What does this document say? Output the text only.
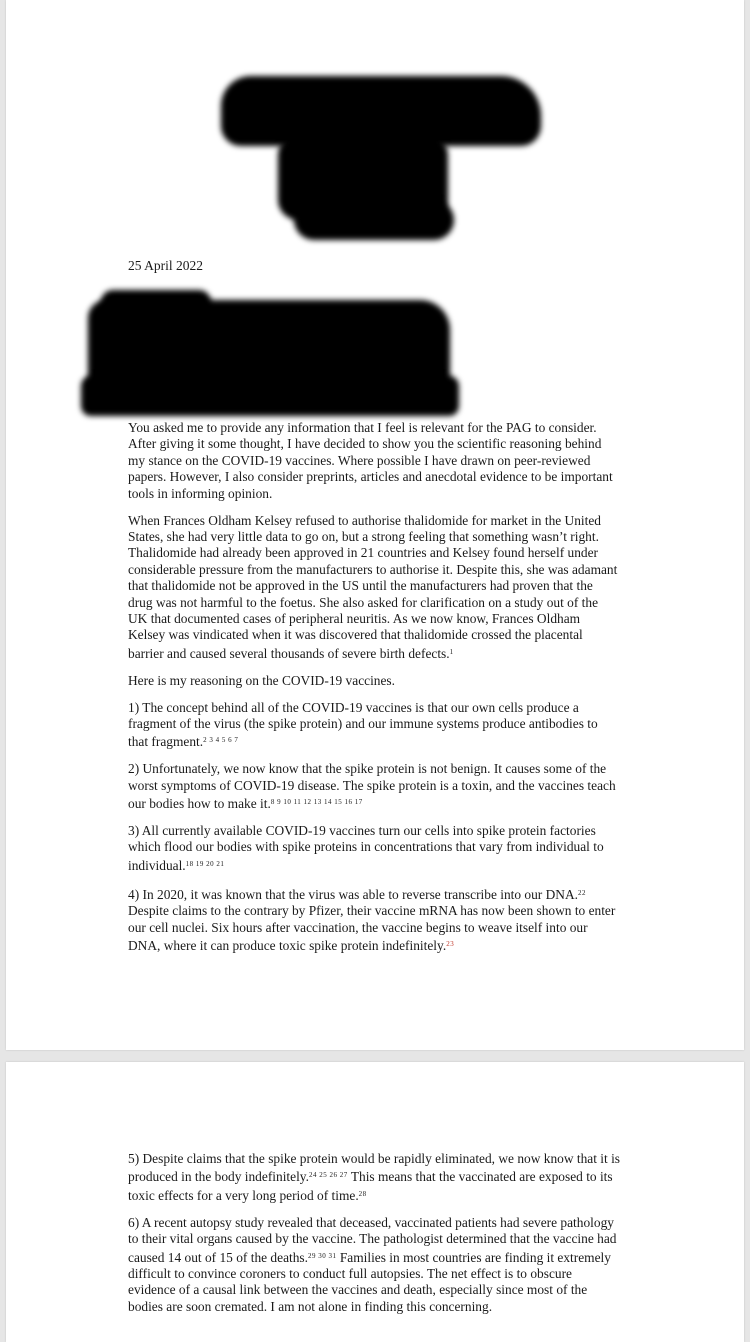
25 April 2022

You asked me to provide any information that I feel is relevant for the PAG to consider. After giving it some thought, I have decided to show you the scientific reasoning behind my stance on the COVID-19 vaccines. Where possible I have drawn on peer-reviewed papers. However, I also consider preprints, articles and anecdotal evidence to be important tools in informing opinion.

When Frances Oldham Kelsey refused to authorise thalidomide for market in the United States, she had very little data to go on, but a strong feeling that something wasn’t right. Thalidomide had already been approved in 21 countries and Kelsey found herself under considerable pressure from the manufacturers to authorise it. Despite this, she was adamant that thalidomide not be approved in the US until the manufacturers had proven that the drug was not harmful to the foetus. She also asked for clarification on a study out of the UK that documented cases of peripheral neuritis. As we now know, Frances Oldham Kelsey was vindicated when it was discovered that thalidomide crossed the placental barrier and caused several thousands of severe birth defects.$^1$

Here is my reasoning on the COVID-19 vaccines.

1) The concept behind all of the COVID-19 vaccines is that our own cells produce a fragment of the virus (the spike protein) and our immune systems produce antibodies to that fragment.$^{2 3 4 5 6 7}$

2) Unfortunately, we now know that the spike protein is not benign. It causes some of the worst symptoms of COVID-19 disease. The spike protein is a toxin, and the vaccines teach our bodies how to make it.$^{8 9 10 11 12 13 14 15 16 17}$

3) All currently available COVID-19 vaccines turn our cells into spike protein factories which flood our bodies with spike proteins in concentrations that vary from individual to individual.$^{18 19 20 21}$

4) In 2020, it was known that the virus was able to reverse transcribe into our DNA.$^{22}$ Despite claims to the contrary by Pfizer, their vaccine mRNA has now been shown to enter our cell nuclei. Six hours after vaccination, the vaccine begins to weave itself into our DNA, where it can produce toxic spike protein indefinitely.$^{23}$

5) Despite claims that the spike protein would be rapidly eliminated, we now know that it is produced in the body indefinitely.$^{24 25 26 27}$ This means that the vaccinated are exposed to its toxic effects for a very long period of time.$^{28}$

6) A recent autopsy study revealed that deceased, vaccinated patients had severe pathology to their vital organs caused by the vaccine. The pathologist determined that the vaccine had caused 14 out of 15 of the deaths.$^{29 30 31}$ Families in most countries are finding it extremely difficult to convince coroners to conduct full autopsies. The net effect is to obscure evidence of a causal link between the vaccines and death, especially since most of the bodies are soon cremated. I am not alone in finding this concerning.
